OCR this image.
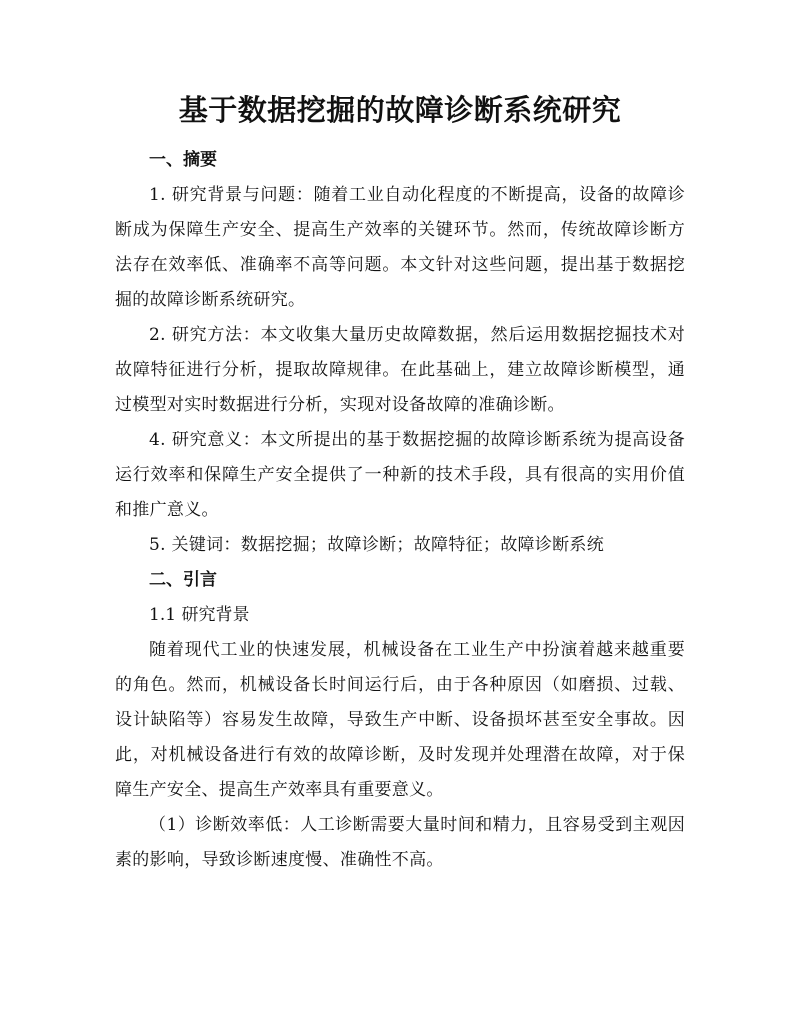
基于数据挖掘的故障诊断系统研究

一、摘要

1. 研究背景与问题：随着工业自动化程度的不断提高，设备的故障诊断成为保障生产安全、提高生产效率的关键环节。然而，传统故障诊断方法存在效率低、准确率不高等问题。本文针对这些问题，提出基于数据挖掘的故障诊断系统研究。

2. 研究方法：本文收集大量历史故障数据，然后运用数据挖掘技术对故障特征进行分析，提取故障规律。在此基础上，建立故障诊断模型，通过模型对实时数据进行分析，实现对设备故障的准确诊断。

4. 研究意义：本文所提出的基于数据挖掘的故障诊断系统为提高设备运行效率和保障生产安全提供了一种新的技术手段，具有很高的实用价值和推广意义。

5. 关键词：数据挖掘；故障诊断；故障特征；故障诊断系统

二、引言

1.1 研究背景

随着现代工业的快速发展，机械设备在工业生产中扮演着越来越重要的角色。然而，机械设备长时间运行后，由于各种原因（如磨损、过载、设计缺陷等）容易发生故障，导致生产中断、设备损坏甚至安全事故。因此，对机械设备进行有效的故障诊断，及时发现并处理潜在故障，对于保障生产安全、提高生产效率具有重要意义。

（1）诊断效率低：人工诊断需要大量时间和精力，且容易受到主观因素的影响，导致诊断速度慢、准确性不高。
